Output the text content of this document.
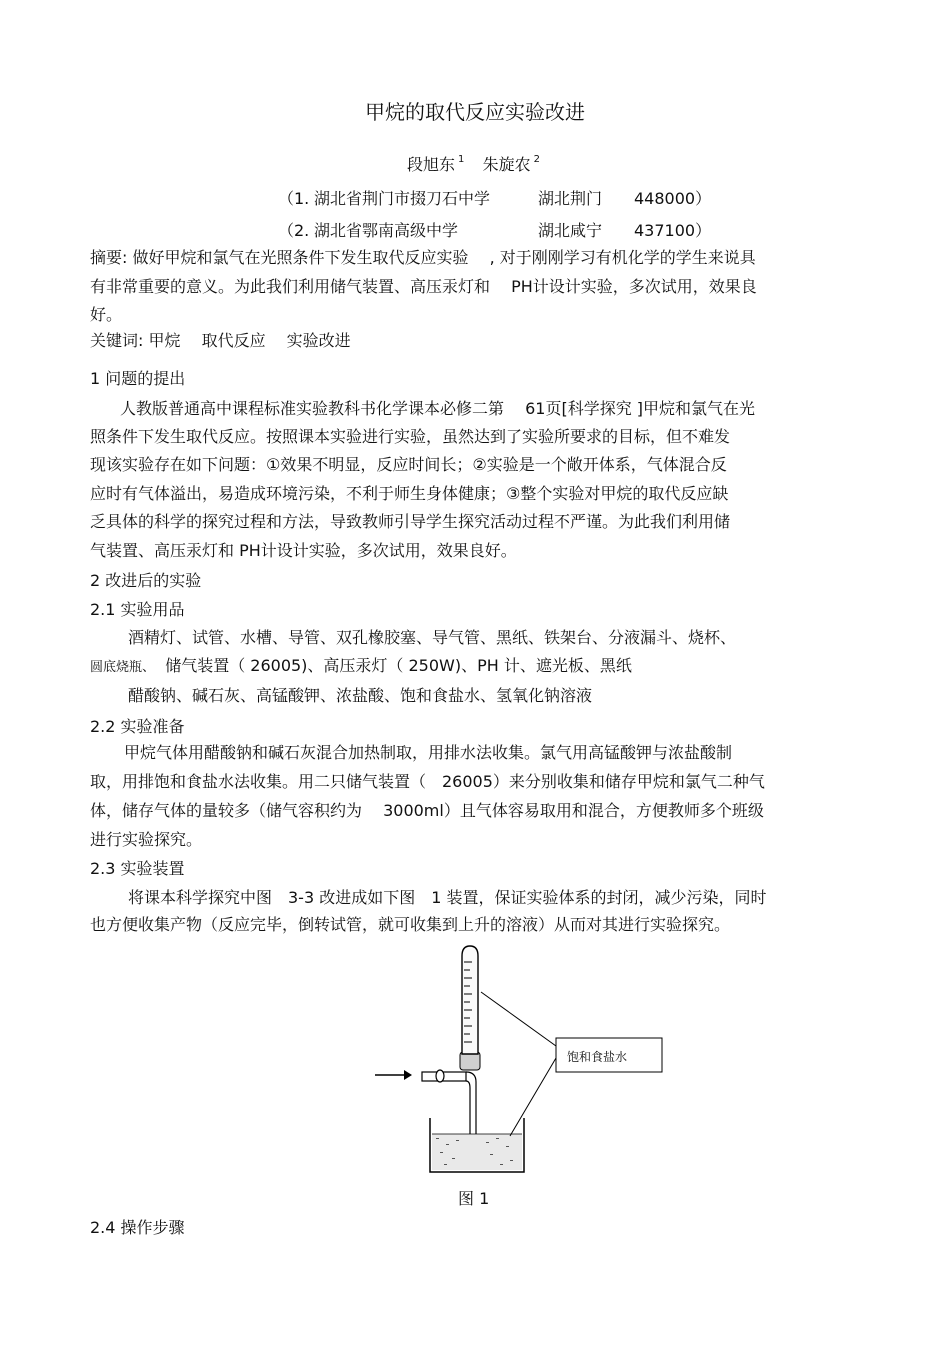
甲烷的取代反应实验改进
段旭东 $^1$ 朱旋农 $^2$
（1. 湖北省荆门市掇刀石中学	湖北荆门 448000）
（2. 湖北省鄂南高级中学	湖北咸宁 437100）
摘要: 做好甲烷和氯气在光照条件下发生取代反应实验　 , 对于刚刚学习有机化学的学生来说具
有非常重要的意义。为此我们利用储气装置、高压汞灯和　 PH计设计实验，多次试用，效果良
好。
关键词: 甲烷　 取代反应　 实验改进
1 问题的提出
人教版普通高中课程标准实验教科书化学课本必修二第　 61页[科学探究 ]甲烷和氯气在光
照条件下发生取代反应。按照课本实验进行实验，虽然达到了实验所要求的目标，但不难发
现该实验存在如下问题：①效果不明显，反应时间长；②实验是一个敞开体系，气体混合反
应时有气体溢出，易造成环境污染，不利于师生身体健康；③整个实验对甲烷的取代反应缺
乏具体的科学的探究过程和方法，导致教师引导学生探究活动过程不严谨。为此我们利用储
气装置、高压汞灯和 PH计设计实验，多次试用，效果良好。
2 改进后的实验
2.1 实验用品
酒精灯、试管、水槽、导管、双孔橡胶塞、导气管、黑纸、铁架台、分液漏斗、烧杯、
圆底烧瓶、 储气装置（ 26005)、高压汞灯（ 250W)、PH 计、遮光板、黑纸
醋酸钠、碱石灰、高锰酸钾、浓盐酸、饱和食盐水、氢氧化钠溶液
2.2 实验准备
甲烷气体用醋酸钠和碱石灰混合加热制取，用排水法收集。氯气用高锰酸钾与浓盐酸制
取，用排饱和食盐水法收集。用二只储气装置（　26005）来分别收集和储存甲烷和氯气二种气
体，储存气体的量较多（储气容积约为　 3000ml）且气体容易取用和混合，方便教师多个班级
进行实验探究。
2.3 实验装置
将课本科学探究中图　3-3 改进成如下图　1 装置，保证实验体系的封闭，减少污染，同时
也方便收集产物（反应完毕，倒转试管，就可收集到上升的溶液）从而对其进行实验探究。
饱和食盐水
图 1
2.4 操作步骤
